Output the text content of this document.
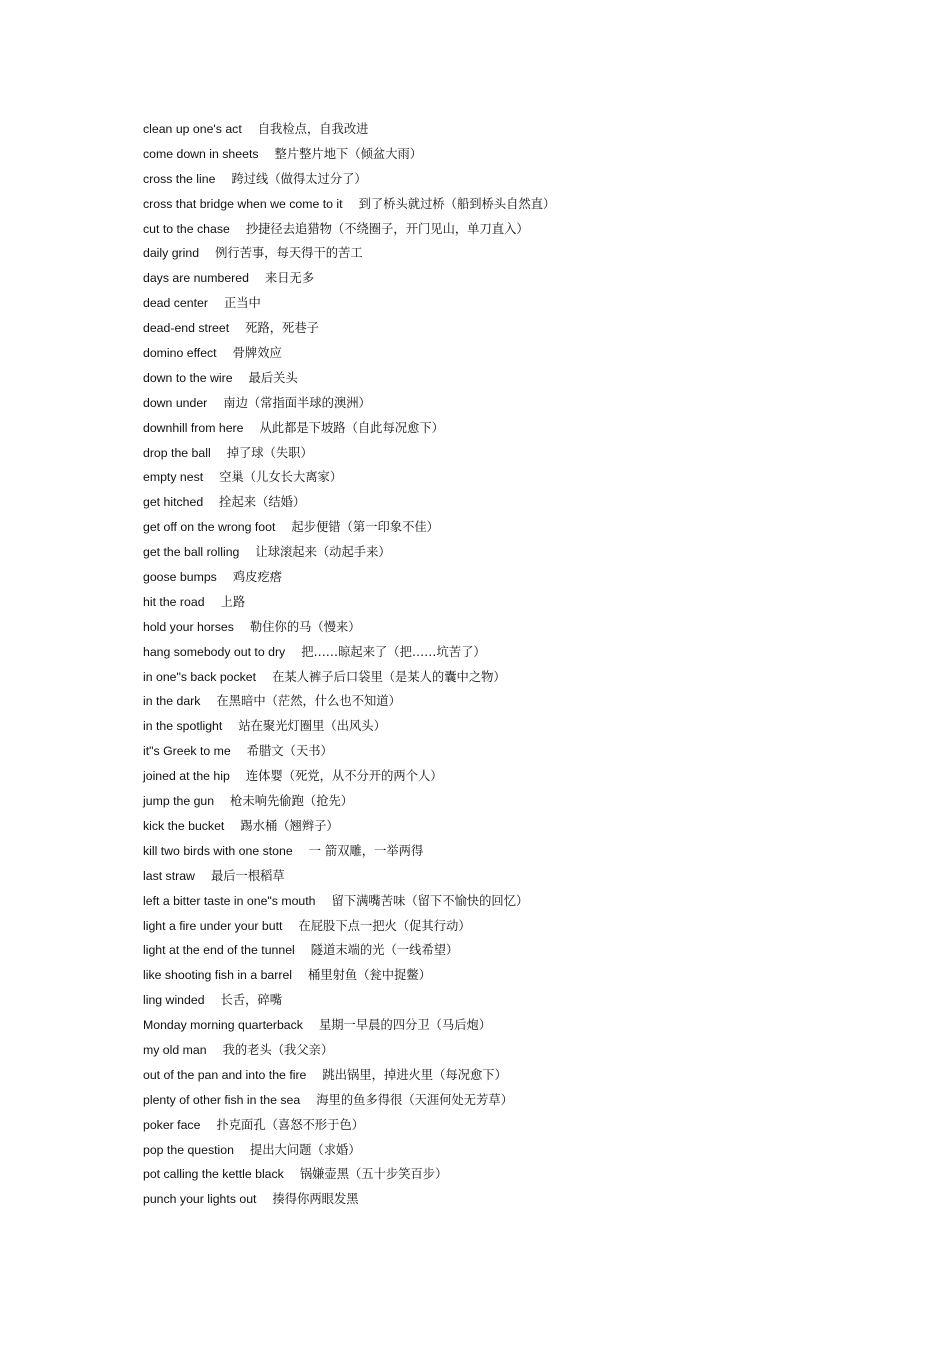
clean up one's act 自我检点，自我改进
come down in sheets 整片整片地下（倾盆大雨）
cross the line 跨过线（做得太过分了）
cross that bridge when we come to it 到了桥头就过桥（船到桥头自然直）
cut to the chase 抄捷径去追猎物（不绕圈子，开门见山，单刀直入）
daily grind 例行苦事，每天得干的苦工
days are numbered 来日无多
dead center 正当中
dead-end street 死路，死巷子
domino effect 骨牌效应
down to the wire 最后关头
down under 南边（常指面半球的澳洲）
downhill from here 从此都是下坡路（自此每况愈下）
drop the ball 掉了球（失职）
empty nest 空巢（儿女长大离家）
get hitched 拴起来（结婚）
get off on the wrong foot 起步便错（第一印象不佳）
get the ball rolling 让球滚起来（动起手来）
goose bumps 鸡皮疙瘩
hit the road 上路
hold your horses 勒住你的马（慢来）
hang somebody out to dry 把……晾起来了（把……坑苦了）
in one"s back pocket 在某人裤子后口袋里（是某人的囊中之物）
in the dark 在黑暗中（茫然，什么也不知道）
in the spotlight 站在聚光灯圈里（出风头）
it"s Greek to me 希腊文（天书）
joined at the hip 连体婴（死党，从不分开的两个人）
jump the gun 枪未响先偷跑（抢先）
kick the bucket 踢水桶（翘辫子）
kill two birds with one stone 一 箭双雕，一举两得
last straw 最后一根稻草
left a bitter taste in one"s mouth 留下满嘴苦味（留下不愉快的回忆）
light a fire under your butt 在屁股下点一把火（促其行动）
light at the end of the tunnel 隧道末端的光（一线希望）
like shooting fish in a barrel 桶里射鱼（瓮中捉鳖）
ling winded 长舌，碎嘴
Monday morning quarterback 星期一早晨的四分卫（马后炮）
my old man 我的老头（我父亲）
out of the pan and into the fire 跳出锅里，掉进火里（每况愈下）
plenty of other fish in the sea 海里的鱼多得很（天涯何处无芳草）
poker face 扑克面孔（喜怒不形于色）
pop the question 提出大问题（求婚）
pot calling the kettle black 锅嫌壶黑（五十步笑百步）
punch your lights out 揍得你两眼发黑
